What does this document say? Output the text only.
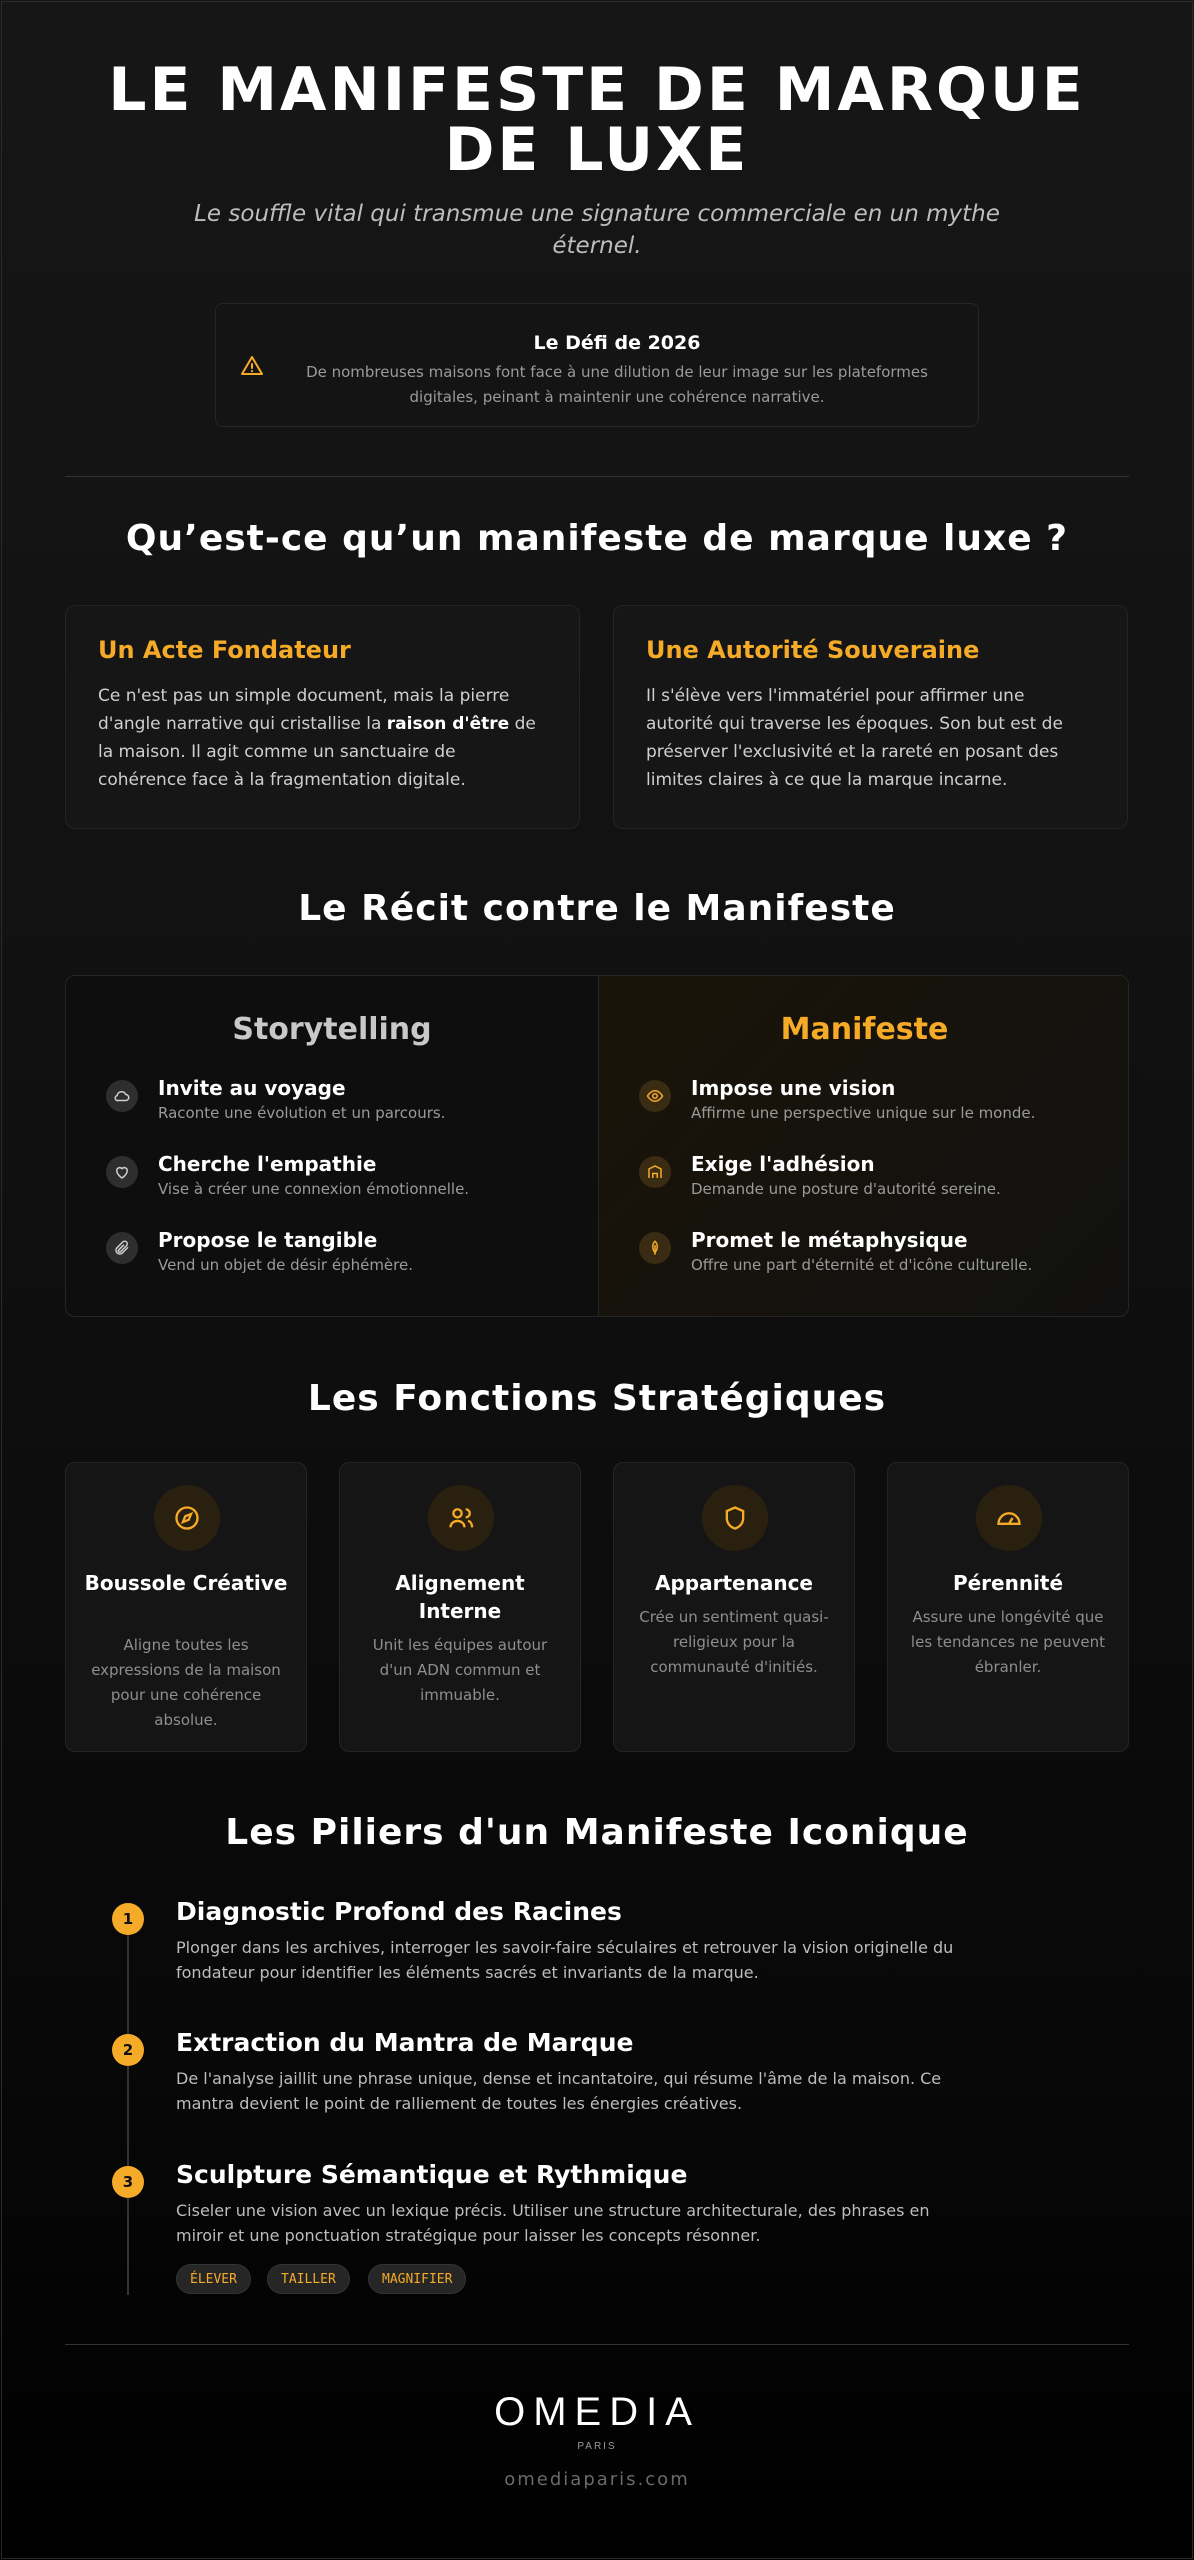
LE MANIFESTE DE MARQUE
DE LUXE
Le souffle vital qui transmue une signature commerciale en un mythe éternel.
Le Défi de 2026
De nombreuses maisons font face à une dilution de leur image sur les plateformes digitales, peinant à maintenir une cohérence narrative.
Qu’est-ce qu’un manifeste de marque luxe ?
Un Acte Fondateur

Ce n'est pas un simple document, mais la pierre d'angle narrative qui cristallise la raison d'être de la maison. Il agit comme un sanctuaire de cohérence face à la fragmentation digitale.

Une Autorité Souveraine

Il s'élève vers l'immatériel pour affirmer une autorité qui traverse les époques. Son but est de préserver l'exclusivité et la rareté en posant des limites claires à ce que la marque incarne.

Le Récit contre le Manifeste
Storytelling
Invite au voyage
Raconte une évolution et un parcours.
Cherche l'empathie
Vise à créer une connexion émotionnelle.
Propose le tangible
Vend un objet de désir éphémère.
Manifeste
Impose une vision
Affirme une perspective unique sur le monde.
Exige l'adhésion
Demande une posture d'autorité sereine.
Promet le métaphysique
Offre une part d'éternité et d'icône culturelle.
Les Fonctions Stratégiques
Boussole Créative
Aligne toutes les expressions de la maison pour une cohérence absolue.
Alignement Interne
Unit les équipes autour d'un ADN commun et immuable.
Appartenance
Crée un sentiment quasi-religieux pour la communauté d'initiés.
Pérennité
Assure une longévité que les tendances ne peuvent ébranler.
Les Piliers d'un Manifeste Iconique
1	Diagnostic Profond des Racines
Plonger dans les archives, interroger les savoir-faire séculaires et retrouver la vision originelle du fondateur pour identifier les éléments sacrés et invariants de la marque.
2	Extraction du Mantra de Marque
De l'analyse jaillit une phrase unique, dense et incantatoire, qui résume l'âme de la maison. Ce mantra devient le point de ralliement de toutes les énergies créatives.
3	Sculpture Sémantique et Rythmique
Ciseler une vision avec un lexique précis. Utiliser une structure architecturale, des phrases en miroir et une ponctuation stratégique pour laisser les concepts résonner.
ÉLEVER	TAILLER	MAGNIFIER
OMEDIA
PARIS
omediaparis.com
